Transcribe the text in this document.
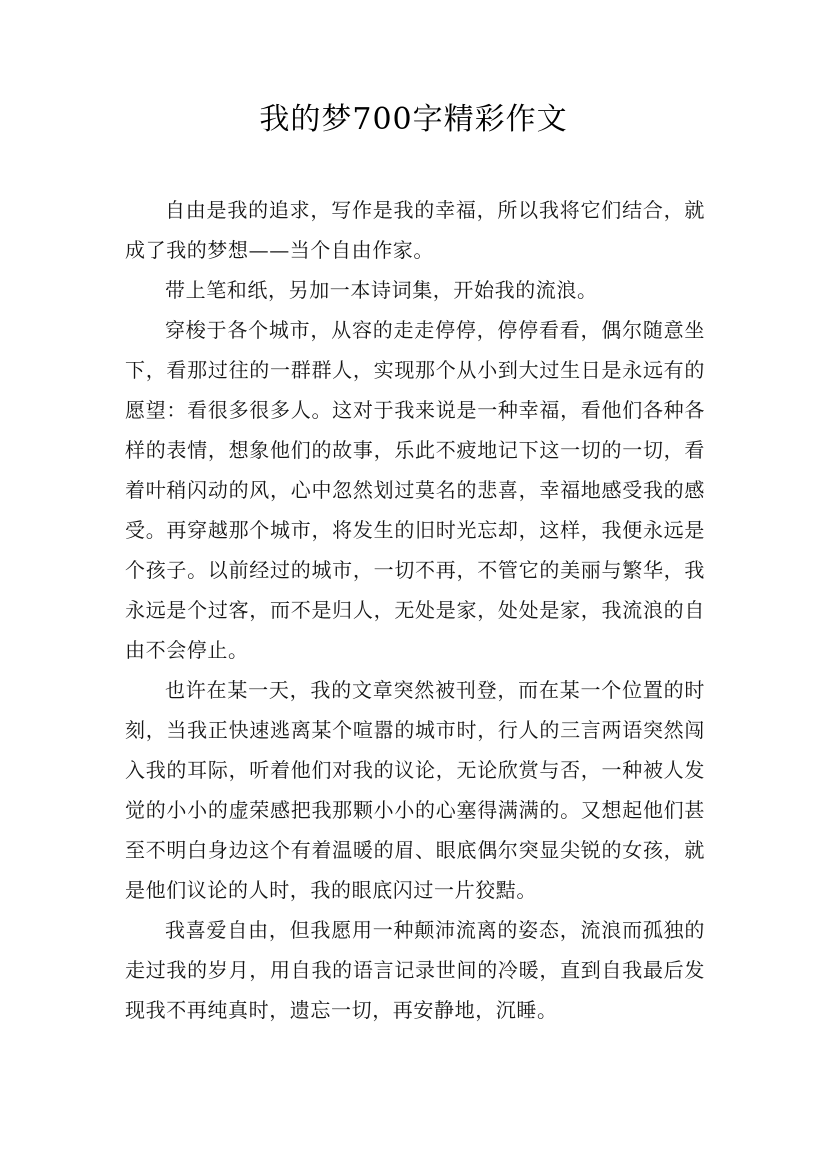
我的梦700字精彩作文

自由是我的追求，写作是我的幸福，所以我将它们结合，就成了我的梦想——当个自由作家。

带上笔和纸，另加一本诗词集，开始我的流浪。

穿梭于各个城市，从容的走走停停，停停看看，偶尔随意坐下，看那过往的一群群人，实现那个从小到大过生日是永远有的愿望：看很多很多人。这对于我来说是一种幸福，看他们各种各样的表情，想象他们的故事，乐此不疲地记下这一切的一切，看着叶稍闪动的风，心中忽然划过莫名的悲喜，幸福地感受我的感受。再穿越那个城市，将发生的旧时光忘却，这样，我便永远是个孩子。以前经过的城市，一切不再，不管它的美丽与繁华，我永远是个过客，而不是归人，无处是家，处处是家，我流浪的自由不会停止。

也许在某一天，我的文章突然被刊登，而在某一个位置的时刻，当我正快速逃离某个喧嚣的城市时，行人的三言两语突然闯入我的耳际，听着他们对我的议论，无论欣赏与否，一种被人发觉的小小的虚荣感把我那颗小小的心塞得满满的。又想起他们甚至不明白身边这个有着温暖的眉、眼底偶尔突显尖锐的女孩，就是他们议论的人时，我的眼底闪过一片狡黠。

我喜爱自由，但我愿用一种颠沛流离的姿态，流浪而孤独的走过我的岁月，用自我的语言记录世间的冷暖，直到自我最后发现我不再纯真时，遗忘一切，再安静地，沉睡。
